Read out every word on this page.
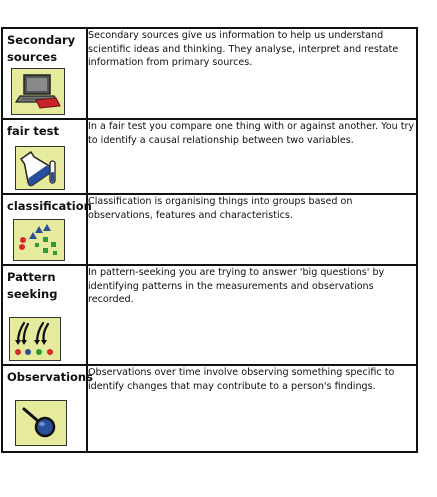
Secondary sources	Secondary sources give us information to help us understand scientific ideas and thinking. They analyse, interpret and restate information from primary sources.

fair test	In a fair test you compare one thing with or against another. You try to identify a causal relationship between two variables.

classification	Classification is organising things into groups based on observations, features and characteristics.

Pattern seeking	In pattern-seeking you are trying to answer 'big questions' by identifying patterns in the measurements and observations recorded.

Observations	Observations over time involve observing something specific to identify changes that may contribute to a person's findings.
